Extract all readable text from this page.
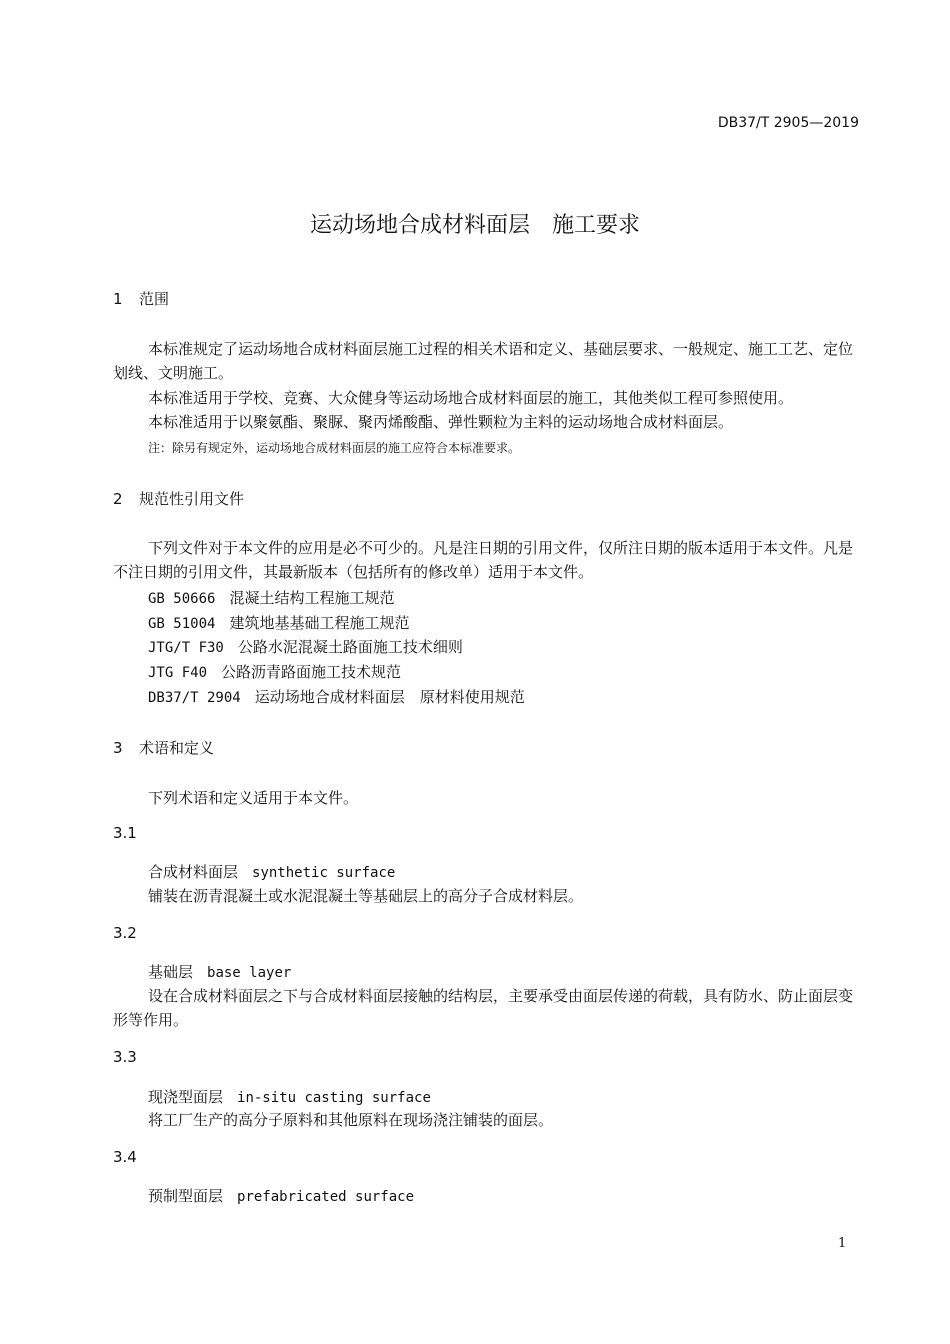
DB37/T 2905—2019
运动场地合成材料面层　施工要求
1 范围
本标准规定了运动场地合成材料面层施工过程的相关术语和定义、基础层要求、一般规定、施工工艺、定位划线、文明施工。
本标准适用于学校、竞赛、大众健身等运动场地合成材料面层的施工，其他类似工程可参照使用。
本标准适用于以聚氨酯、聚脲、聚丙烯酸酯、弹性颗粒为主料的运动场地合成材料面层。
注：除另有规定外，运动场地合成材料面层的施工应符合本标准要求。
2 规范性引用文件
下列文件对于本文件的应用是必不可少的。凡是注日期的引用文件，仅所注日期的版本适用于本文件。凡是不注日期的引用文件，其最新版本（包括所有的修改单）适用于本文件。
GB 50666 混凝土结构工程施工规范
GB 51004 建筑地基基础工程施工规范
JTG/T F30 公路水泥混凝土路面施工技术细则
JTG F40 公路沥青路面施工技术规范
DB37/T 2904 运动场地合成材料面层　原材料使用规范
3 术语和定义
下列术语和定义适用于本文件。
3.1
合成材料面层 synthetic surface
铺装在沥青混凝土或水泥混凝土等基础层上的高分子合成材料层。
3.2
基础层 base layer
设在合成材料面层之下与合成材料面层接触的结构层，主要承受由面层传递的荷载，具有防水、防止面层变形等作用。
3.3
现浇型面层 in-situ casting surface
将工厂生产的高分子原料和其他原料在现场浇注铺装的面层。
3.4
预制型面层 prefabricated surface
1
